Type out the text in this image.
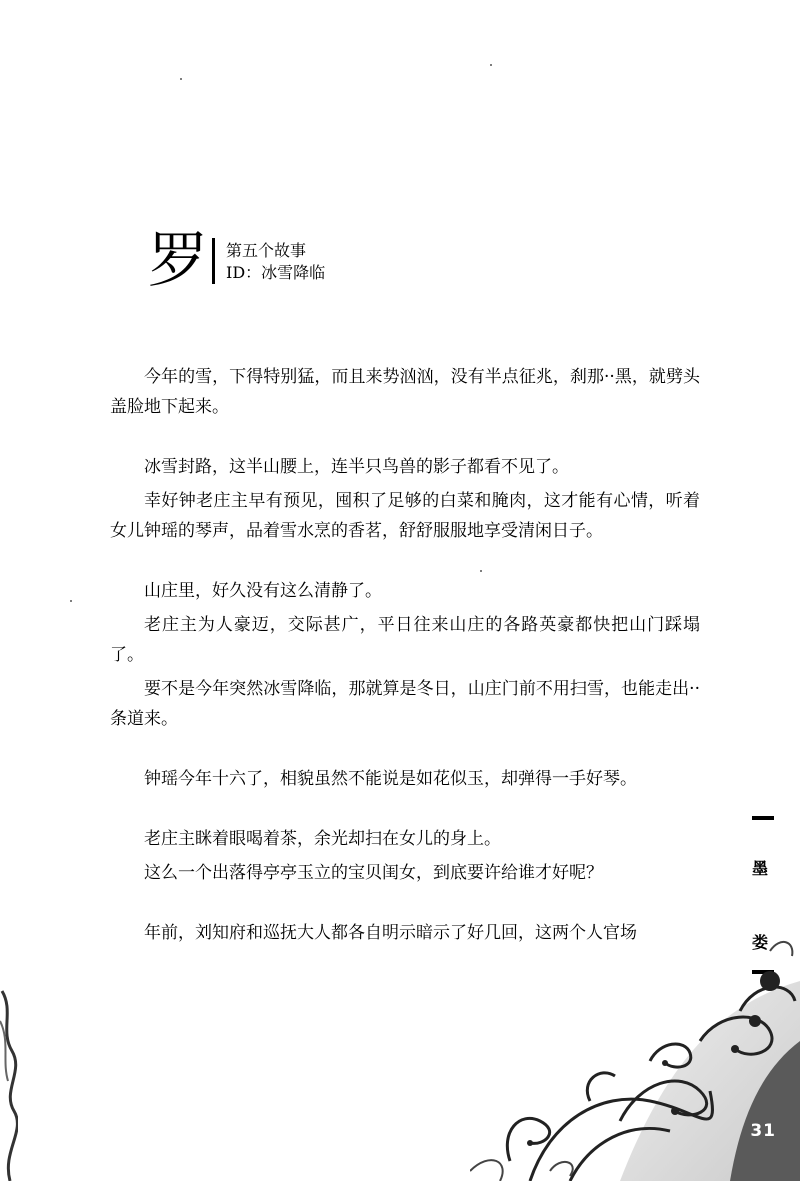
罗 第五个故事
ID：冰雪降临

今年的雪，下得特别猛，而且来势汹汹，没有半点征兆，刹那··黑，就劈头盖脸地下起来。

冰雪封路，这半山腰上，连半只鸟兽的影子都看不见了。

幸好钟老庄主早有预见，囤积了足够的白菜和腌肉，这才能有心情，听着女儿钟瑶的琴声，品着雪水烹的香茗，舒舒服服地享受清闲日子。

山庄里，好久没有这么清静了。

老庄主为人豪迈，交际甚广，平日往来山庄的各路英豪都快把山门踩塌了。

要不是今年突然冰雪降临，那就算是冬日，山庄门前不用扫雪，也能走出··条道来。

钟瑶今年十六了，相貌虽然不能说是如花似玉，却弹得一手好琴。

老庄主眯着眼喝着茶，余光却扫在女儿的身上。

这么一个出落得亭亭玉立的宝贝闺女，到底要许给谁才好呢？

年前，刘知府和巡抚大人都各自明示暗示了好几回，这两个人官场

墨
娄
31
